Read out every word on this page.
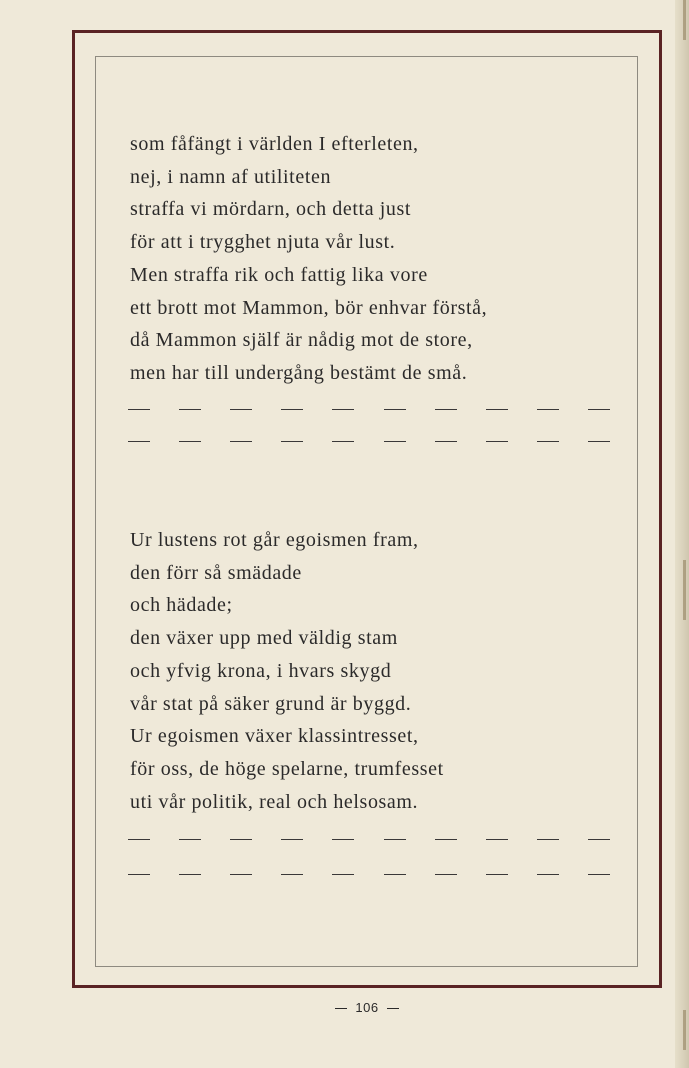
som fåfängt i världen I efterleten,
nej, i namn af utiliteten
straffa vi mördarn, och detta just
för att i trygghet njuta vår lust.
Men straffa rik och fattig lika vore
ett brott mot Mammon, bör enhvar förstå,
då Mammon själf är nådig mot de store,
men har till undergång bestämt de små.
Ur lustens rot går egoismen fram,
den förr så smädade
och hädade;
den växer upp med väldig stam
och yfvig krona, i hvars skygd
vår stat på säker grund är byggd.
Ur egoismen växer klassintresset,
för oss, de höge spelarne, trumfesset
uti vår politik, real och helsosam.
106
